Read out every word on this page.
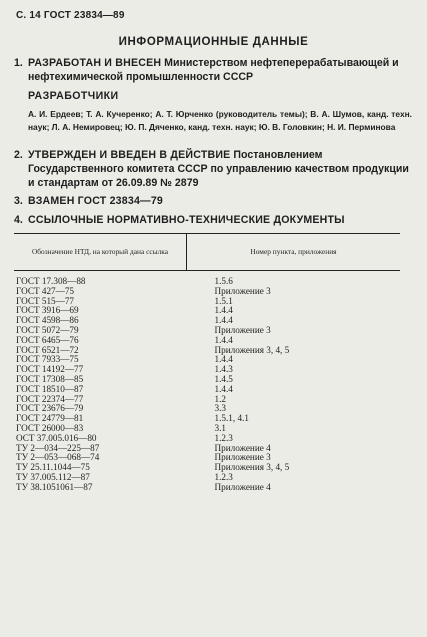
С. 14 ГОСТ 23834—89
ИНФОРМАЦИОННЫЕ ДАННЫЕ
1. РАЗРАБОТАН И ВНЕСЕН Министерством нефтеперерабатывающей и нефтехимической промышленности СССР
РАЗРАБОТЧИКИ
А. И. Ердеев; Т. А. Кучеренко; А. Т. Юрченко (руководитель темы); В. А. Шумов, канд. техн. наук; Л. А. Немировец; Ю. П. Дяченко, канд. техн. наук; Ю. В. Головкин; Н. И. Перминова
2. УТВЕРЖДЕН И ВВЕДЕН В ДЕЙСТВИЕ Постановлением Государственного комитета СССР по управлению качеством продукции и стандартам от 26.09.89 № 2879
3. ВЗАМЕН ГОСТ 23834—79
4. ССЫЛОЧНЫЕ НОРМАТИВНО-ТЕХНИЧЕСКИЕ ДОКУМЕНТЫ
Обозначение НТД, на который дана ссылка	Номер пункта, приложения
ГОСТ 17.308—88	1.5.6
ГОСТ 427—75	Приложение 3
ГОСТ 515—77	1.5.1
ГОСТ 3916—69	1.4.4
ГОСТ 4598—86	1.4.4
ГОСТ 5072—79	Приложение 3
ГОСТ 6465—76	1.4.4
ГОСТ 6521—72	Приложения 3, 4, 5
ГОСТ 7933—75	1.4.4
ГОСТ 14192—77	1.4.3
ГОСТ 17308—85	1.4.5
ГОСТ 18510—87	1.4.4
ГОСТ 22374—77	1.2
ГОСТ 23676—79	3.3
ГОСТ 24779—81	1.5.1, 4.1
ГОСТ 26000—83	3.1
ОСТ 37.005.016—80	1.2.3
ТУ 2—034—225—87	Приложение 4
ТУ 2—053—068—74	Приложение 3
ТУ 25.11.1044—75	Приложения 3, 4, 5
ТУ 37.005.112—87	1.2.3
ТУ 38.1051061—87	Приложение 4
